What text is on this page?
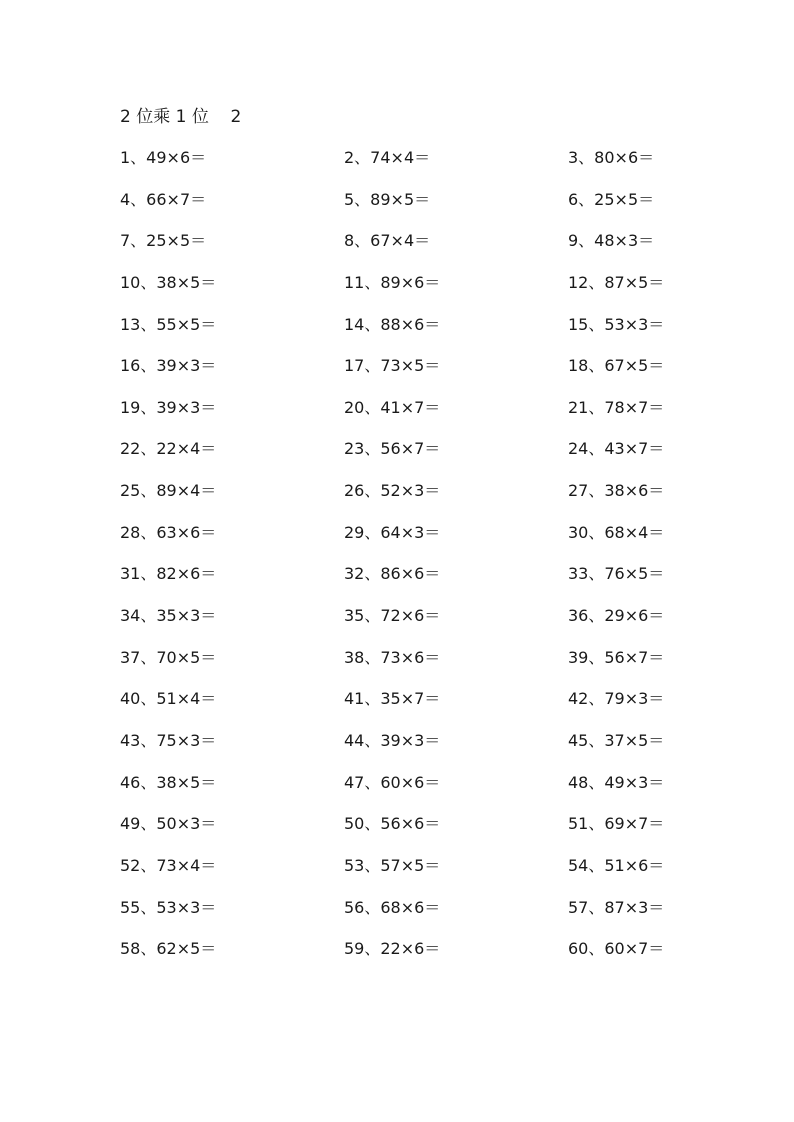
2 位乘 1 位    2
1、49×6＝	2、74×4＝	3、80×6＝
4、66×7＝	5、89×5＝	6、25×5＝
7、25×5＝	8、67×4＝	9、48×3＝
10、38×5＝	11、89×6＝	12、87×5＝
13、55×5＝	14、88×6＝	15、53×3＝
16、39×3＝	17、73×5＝	18、67×5＝
19、39×3＝	20、41×7＝	21、78×7＝
22、22×4＝	23、56×7＝	24、43×7＝
25、89×4＝	26、52×3＝	27、38×6＝
28、63×6＝	29、64×3＝	30、68×4＝
31、82×6＝	32、86×6＝	33、76×5＝
34、35×3＝	35、72×6＝	36、29×6＝
37、70×5＝	38、73×6＝	39、56×7＝
40、51×4＝	41、35×7＝	42、79×3＝
43、75×3＝	44、39×3＝	45、37×5＝
46、38×5＝	47、60×6＝	48、49×3＝
49、50×3＝	50、56×6＝	51、69×7＝
52、73×4＝	53、57×5＝	54、51×6＝
55、53×3＝	56、68×6＝	57、87×3＝
58、62×5＝	59、22×6＝	60、60×7＝
